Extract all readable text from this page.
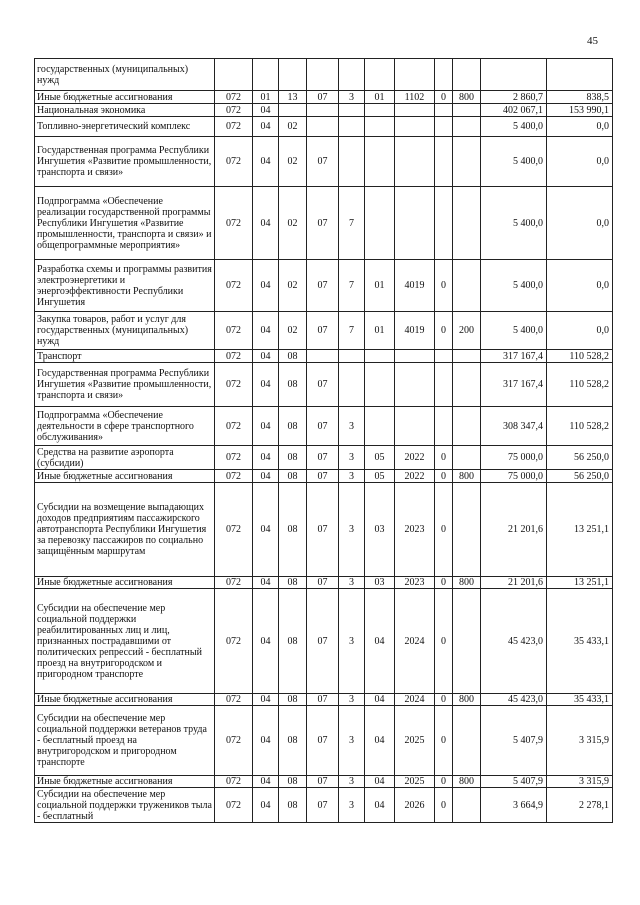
45
государственных (муниципальных) нужд											
Иные бюджетные ассигнования	072	01	13	07	3	01	1102	0	800	2 860,7	838,5
Национальная экономика	072	04								402 067,1	153 990,1
Топливно-энергетический комплекс	072	04	02							5 400,0	0,0
Государственная программа Республики Ингушетия «Развитие промышленности, транспорта и связи»	072	04	02	07						5 400,0	0,0
Подпрограмма «Обеспечение реализации государственной программы Республики Ингушетия «Развитие промышленности, транспорта и связи» и общепрограммные мероприятия»	072	04	02	07	7					5 400,0	0,0
Разработка схемы и программы развития электроэнергетики и энергоэффективности Республики Ингушетия	072	04	02	07	7	01	4019	0		5 400,0	0,0
Закупка товаров, работ и услуг для государственных (муниципальных) нужд	072	04	02	07	7	01	4019	0	200	5 400,0	0,0
Транспорт	072	04	08							317 167,4	110 528,2
Государственная программа Республики Ингушетия «Развитие промышленности, транспорта и связи»	072	04	08	07						317 167,4	110 528,2
Подпрограмма «Обеспечение деятельности в сфере транспортного обслуживания»	072	04	08	07	3					308 347,4	110 528,2
Средства на развитие аэропорта (субсидии)	072	04	08	07	3	05	2022	0		75 000,0	56 250,0
Иные бюджетные ассигнования	072	04	08	07	3	05	2022	0	800	75 000,0	56 250,0
Субсидии на возмещение выпадающих доходов предприятиям пассажирского автотранспорта Республики Ингушетия за перевозку пассажиров по социально защищённым маршрутам	072	04	08	07	3	03	2023	0		21 201,6	13 251,1
Иные бюджетные ассигнования	072	04	08	07	3	03	2023	0	800	21 201,6	13 251,1
Субсидии на обеспечение мер социальной поддержки реабилитированных лиц и лиц, признанных пострадавшими от политических репрессий - бесплатный проезд на внутригородском и пригородном транспорте	072	04	08	07	3	04	2024	0		45 423,0	35 433,1
Иные бюджетные ассигнования	072	04	08	07	3	04	2024	0	800	45 423,0	35 433,1
Субсидии на обеспечение мер социальной поддержки ветеранов труда - бесплатный проезд на внутригородском и пригородном транспорте	072	04	08	07	3	04	2025	0		5 407,9	3 315,9
Иные бюджетные ассигнования	072	04	08	07	3	04	2025	0	800	5 407,9	3 315,9
Субсидии на обеспечение мер социальной поддержки тружеников тыла - бесплатный	072	04	08	07	3	04	2026	0		3 664,9	2 278,1
